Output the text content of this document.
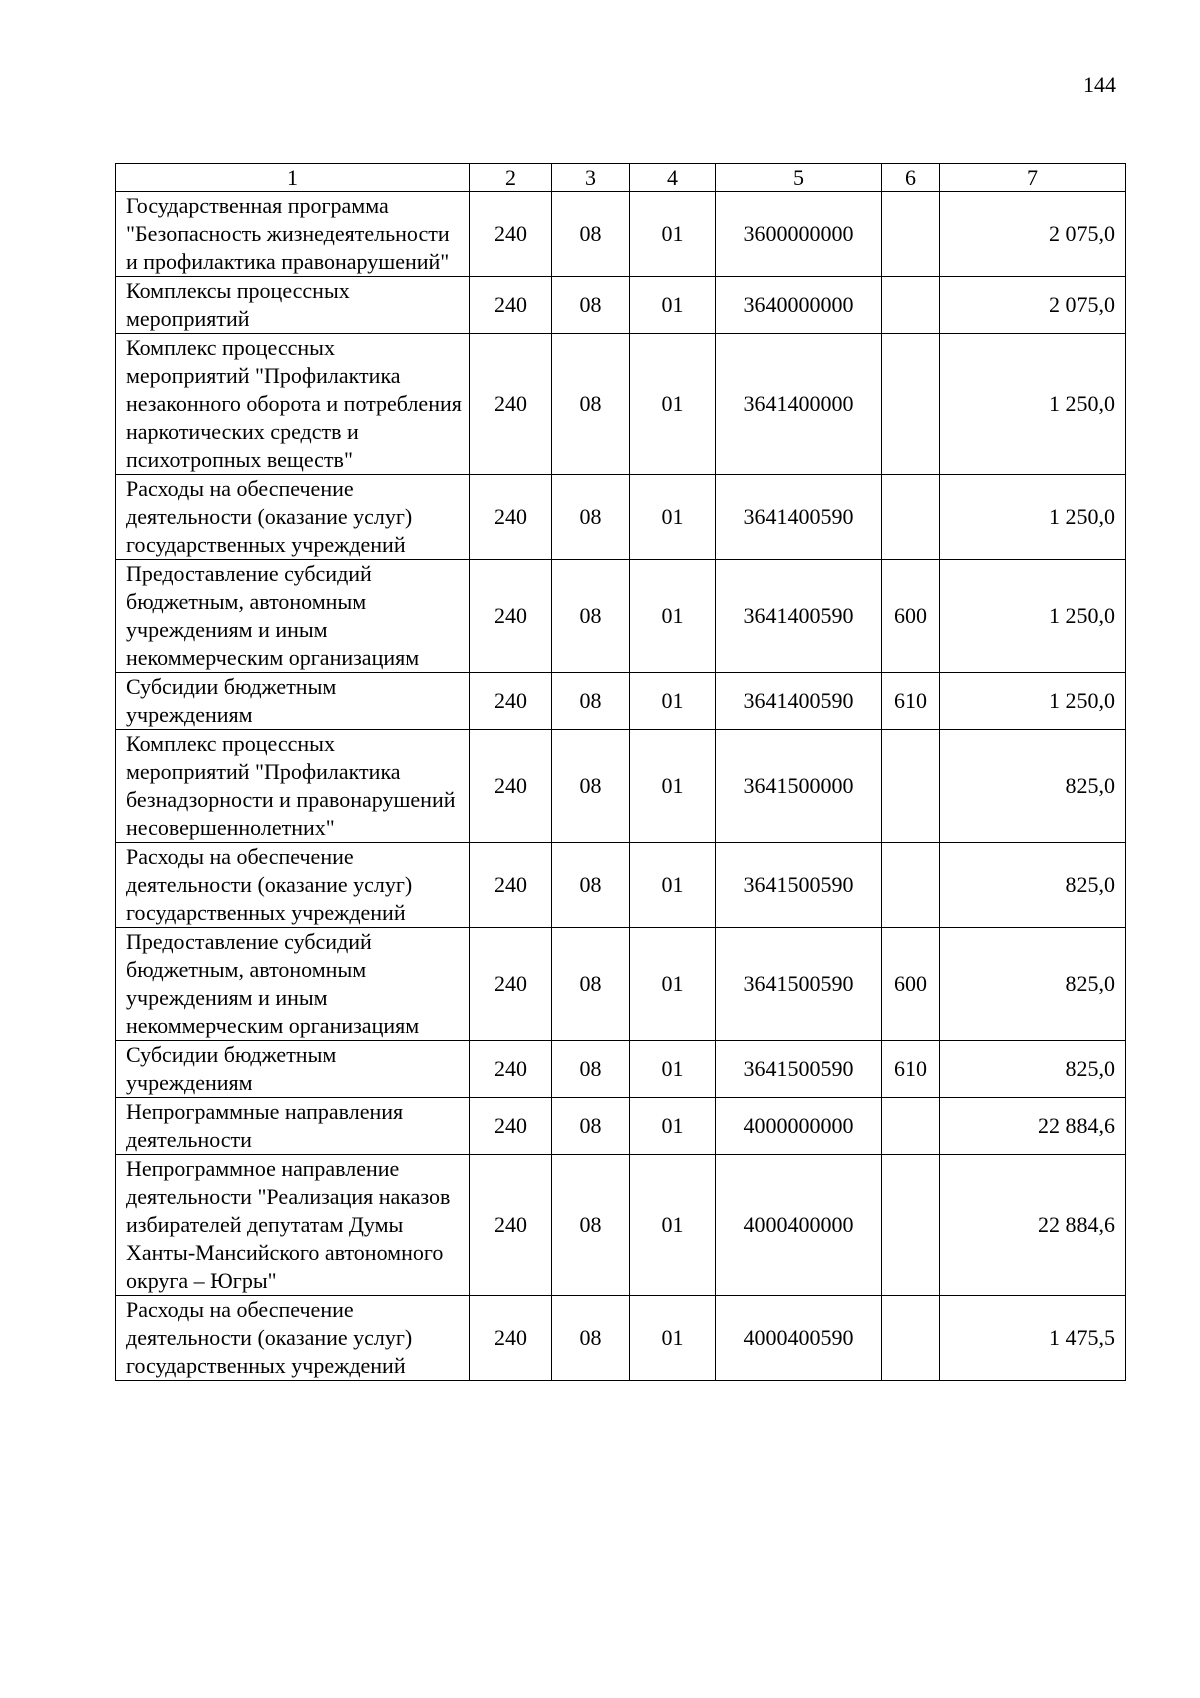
144
1	2	3	4	5	6	7
Государственная программа "Безопасность жизнедеятельности и профилактика правонарушений"	240	08	01	3600000000		2 075,0
Комплексы процессных мероприятий	240	08	01	3640000000		2 075,0
Комплекс процессных мероприятий "Профилактика незаконного оборота и потребления наркотических средств и психотропных веществ"	240	08	01	3641400000		1 250,0
Расходы на обеспечение деятельности (оказание услуг) государственных учреждений	240	08	01	3641400590		1 250,0
Предоставление субсидий бюджетным, автономным учреждениям и иным некоммерческим организациям	240	08	01	3641400590	600	1 250,0
Субсидии бюджетным учреждениям	240	08	01	3641400590	610	1 250,0
Комплекс процессных мероприятий "Профилактика безнадзорности и правонарушений несовершеннолетних"	240	08	01	3641500000		825,0
Расходы на обеспечение деятельности (оказание услуг) государственных учреждений	240	08	01	3641500590		825,0
Предоставление субсидий бюджетным, автономным учреждениям и иным некоммерческим организациям	240	08	01	3641500590	600	825,0
Субсидии бюджетным учреждениям	240	08	01	3641500590	610	825,0
Непрограммные направления деятельности	240	08	01	4000000000		22 884,6
Непрограммное направление деятельности "Реализация наказов избирателей депутатам Думы Ханты-Мансийского автономного округа – Югры"	240	08	01	4000400000		22 884,6
Расходы на обеспечение деятельности (оказание услуг) государственных учреждений	240	08	01	4000400590		1 475,5
